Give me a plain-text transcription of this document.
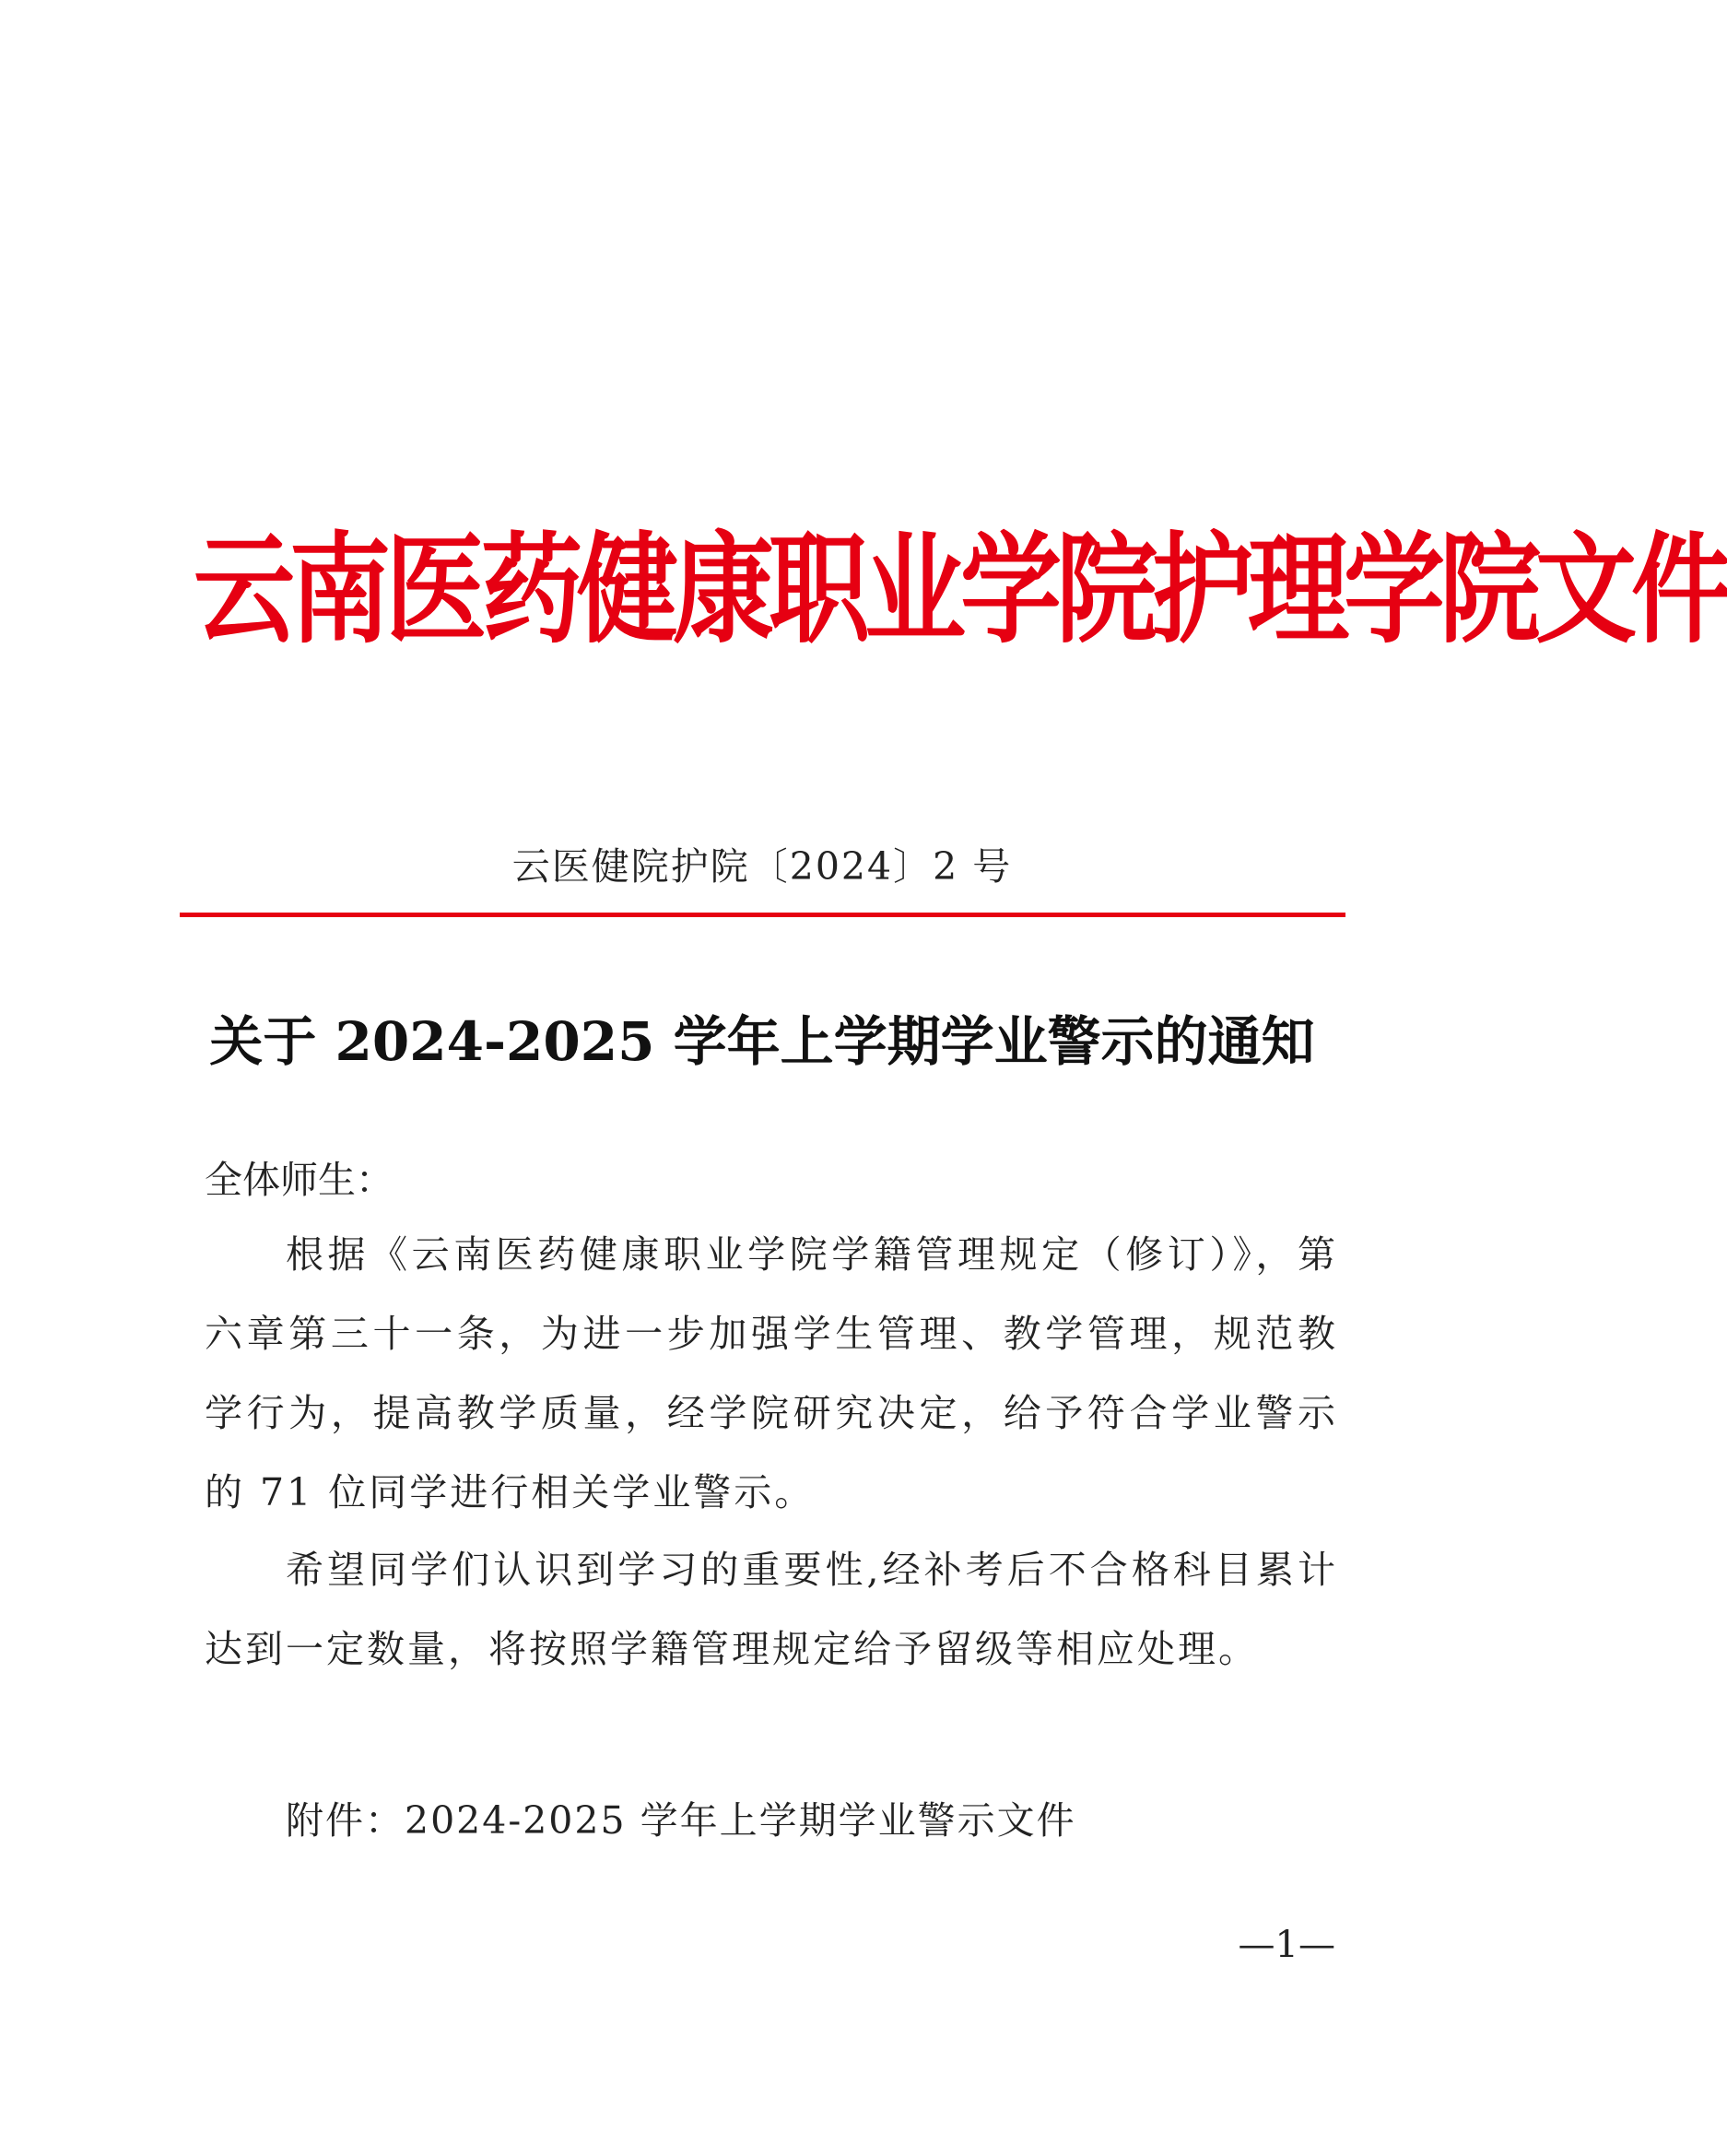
云南医药健康职业学院护理学院文件
云医健院护院〔2024〕2 号
关于 2024-2025 学年上学期学业警示的通知
全体师生：
根据《云南医药健康职业学院学籍管理规定（修订）》，第六章第三十一条，为进一步加强学生管理、教学管理，规范教学行为，提高教学质量，经学院研究决定，给予符合学业警示的 71 位同学进行相关学业警示。
希望同学们认识到学习的重要性,经补考后不合格科目累计达到一定数量，将按照学籍管理规定给予留级等相应处理。
附件：2024-2025 学年上学期学业警示文件
—1—
